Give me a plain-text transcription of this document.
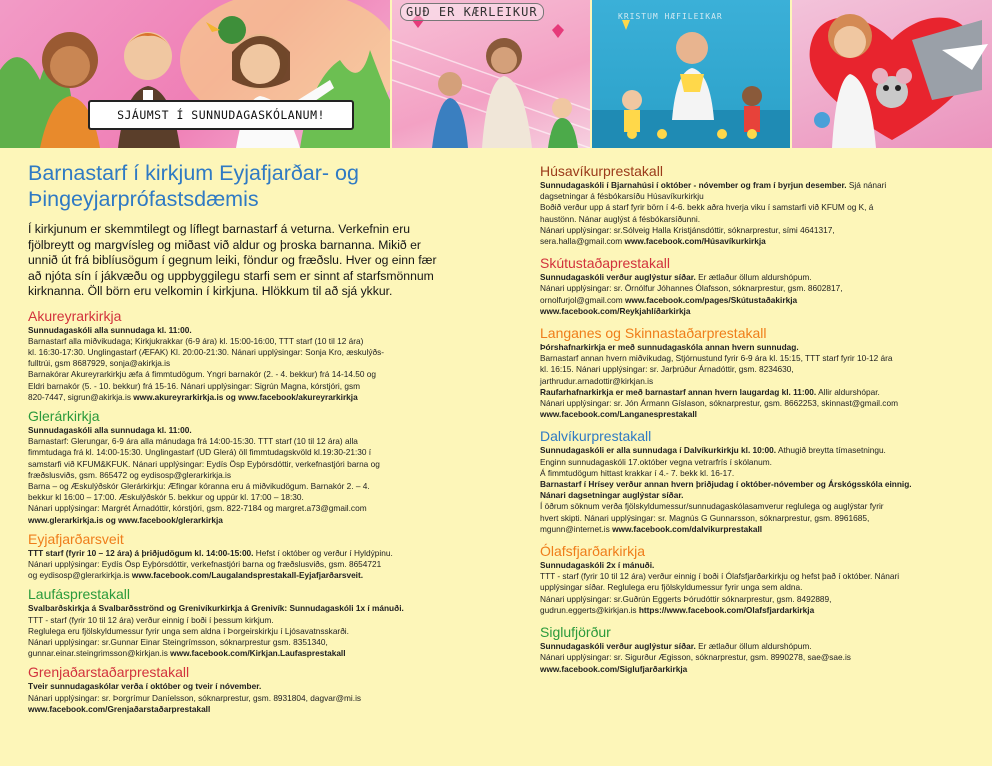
SJÁUMST Í SUNNUDAGASKÓLANUM!
GUÐ ER KÆRLEIKUR	KRISTUM HÆFILEIKAR
Barnastarf í kirkjum Eyjafjarðar- og
Þingeyjarprófastsdæmis

Í kirkjunum er skemmtilegt og líflegt barnastarf á veturna. Verkefnin eru

fjölbreytt og margvísleg og miðast við aldur og þroska barnanna. Mikið er

unnið út frá biblíusögum í gegnum leiki, föndur og fræðslu. Hver og einn fær

að njóta sín í jákvæðu og uppbyggilegu starfi sem er sinnt af starfsmönnum

kirknanna. Öll börn eru velkomin í kirkjuna. Hlökkum til að sjá ykkur.

Akureyrarkirkja

Sunnudagaskóli alla sunnudaga kl. 11:00.

Barnastarf alla miðvikudaga; Kirkjukrakkar (6-9 ára) kl. 15:00-16:00, TTT starf (10 til 12 ára)

kl. 16:30-17:30. Unglingastarf (ÆFAK) Kl. 20:00-21:30. Nánari upplýsingar: Sonja Kro, æskulýðs-

fulltrúi, gsm 8687929, sonja@akirkja.is

Barnakórar Akureyrarkirkju æfa á fimmtudögum. Yngri barnakór (2. - 4. bekkur) frá 14-14.50 og

Eldri barnakór (5. - 10. bekkur) frá 15-16. Nánari upplýsingar: Sigrún Magna, kórstjóri, gsm

820-7447, sigrun@akirkja.is www.akureyrarkirkja.is og www.facebook/akureyrarkirkja

Glerárkirkja

Sunnudagaskóli alla sunnudaga kl. 11:00.

Barnastarf: Glerungar, 6-9 ára alla mánudaga frá 14:00-15:30. TTT starf (10 til 12 ára) alla

fimmtudaga frá kl. 14:00-15:30. Unglingastarf (UD Glerá) öll fimmtudagskvöld kl.19:30-21:30 í

samstarfi við KFUM&KFUK. Nánari upplýsingar: Eydís Ösp Eyþórsdóttir, verkefnastjóri barna og

fræðslusviðs, gsm. 865472 og eydisosp@glerarkirkja.is

Barna – og Æskulýðskór Glerárkirkju: Æfingar kóranna eru á miðvikudögum. Barnakór 2. – 4.

bekkur kl 16:00 – 17:00. Æskulýðskór 5. bekkur og uppúr kl. 17:00 – 18:30.

Nánari upplýsingar: Margrét Árnadóttir, kórstjóri, gsm. 822-7184 og margret.a73@gmail.com

www.glerarkirkja.is og www.facebook/glerarkirkja

Eyjafjarðarsveit

TTT starf (fyrir 10 – 12 ára) á þriðjudögum kl. 14:00-15:00. Hefst í október og verður í Hyldýpinu.

Nánari upplýsingar: Eydís Ösp Eyþórsdóttir, verkefnastjóri barna og fræðslusviðs, gsm. 8654721

og eydisosp@glerarkirkja.is www.facebook.com/Laugalandsprestakall-Eyjafjarðarsveit.

Laufásprestakall

Svalbarðskirkja á Svalbarðsströnd og Grenivíkurkirkja á Grenivík: Sunnudagaskóli 1x í mánuði.

TTT - starf (fyrir 10 til 12 ára) verður einnig í boði í þessum kirkjum.

Reglulega eru fjölskyldumessur fyrir unga sem aldna í Þorgeirskirkju í Ljósavatnsskarði.

Nánari upplýsingar: sr.Gunnar Einar Steingrímsson, sóknarprestur gsm. 8351340,

gunnar.einar.steingrimsson@kirkjan.is www.facebook.com/Kirkjan.Laufasprestakall

Grenjaðarstaðarprestakall

Tveir sunnudagaskólar verða í október og tveir í nóvember.

Nánari upplýsingar: sr. Þorgrímur Daníelsson, sóknarprestur, gsm. 8931804, dagvar@mi.is

www.facebook.com/Grenjaðarstaðarprestakall

Húsavíkurprestakall

Sunnudagaskóli í Bjarnahúsi í október - nóvember og fram í byrjun desember. Sjá nánari

dagsetningar á fésbókarsíðu Húsavíkurkirkju

Boðið verður upp á starf fyrir börn í 4-6. bekk aðra hverja viku í samstarfi við KFUM og K, á

haustönn. Nánar auglýst á fésbókarsíðunni.

Nánari upplýsingar: sr.Sólveig Halla Kristjánsdóttir, sóknarprestur, sími 4641317,

sera.halla@gmail.com www.facebook.com/Húsavíkurkirkja

Skútustaðaprestakall

Sunnudagaskóli verður auglýstur síðar. Er ætlaður öllum aldurshópum.

Nánari upplýsingar: sr. Örnólfur Jóhannes Ólafsson, sóknarprestur, gsm. 8602817,

ornolfurjol@gmail.com www.facebook.com/pages/Skútustaðakirkja

www.facebook.com/Reykjahlíðarkirkja

Langanes og Skinnastaðarprestakall

Þórshafnarkirkja er með sunnudagaskóla annan hvern sunnudag.

Barnastarf annan hvern miðvikudag, Stjórnustund fyrir 6-9 ára kl. 15:15, TTT starf fyrir 10-12 ára

kl. 16:15. Nánari upplýsingar: sr. Jarþrúður Árnadóttir, gsm. 8234630,

jarthrudur.arnadottir@kirkjan.is

Raufarhafnarkirkja er með barnastarf annan hvern laugardag kl. 11:00. Allir aldurshópar.

Nánari upplýsingar: sr. Jón Ármann Gíslason, sóknarprestur, gsm. 8662253, skinnast@gmail.com

www.facebook.com/Langanesprestakall

Dalvíkurprestakall

Sunnudagaskóli er alla sunnudaga í Dalvíkurkirkju kl. 10:00. Athugið breytta tímasetningu.

Enginn sunnudagaskóli 17.október vegna vetrarfrís í skólanum.

Á fimmtudögum hittast krakkar í 4.- 7. bekk kl. 16-17.

Barnastarf í Hrísey verður annan hvern þriðjudag í október-nóvember og Árskógsskóla einnig.

Nánari dagsetningar auglýstar síðar.

Í öðrum söknum verða fjölskyldumessur/sunnudagaskólasamverur reglulega og auglýstar fyrir

hvert skipti. Nánari upplýsingar: sr. Magnús G Gunnarsson, sóknarprestur, gsm. 8961685,

mgunn@internet.is www.facebook.com/dalvikurprestakall

Ólafsfjarðarkirkja

Sunnudagaskóli 2x í mánuði.

TTT - starf (fyrir 10 til 12 ára) verður einnig í boði í Ólafsfjarðarkirkju og hefst það í október. Nánari

upplýsingar síðar. Reglulega eru fjölskyldumessur fyrir unga sem aldna.

Nánari upplýsingar: sr.Guðrún Eggerts Þórudóttir sóknarprestur, gsm. 8492889,

gudrun.eggerts@kirkjan.is https://www.facebook.com/Olafsfjardarkirkja

Siglufjörður

Sunnudagaskóli verður auglýstur síðar. Er ætlaður öllum aldurshópum.

Nánari upplýsingar: sr. Sigurður Ægisson, sóknarprestur, gsm. 8990278, sae@sae.is

www.facebook.com/Siglufjarðarkirkja
